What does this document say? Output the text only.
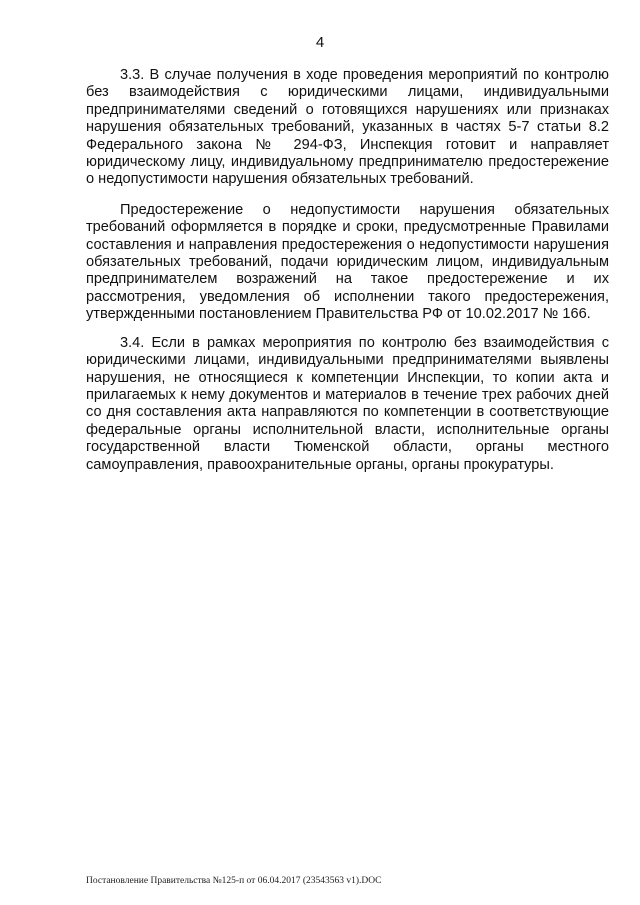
4

3.3. В случае получения в ходе проведения мероприятий по контролю без взаимодействия с юридическими лицами, индивидуальными предпринимателями сведений о готовящихся нарушениях или признаках нарушения обязательных требований, указанных в частях 5-7 статьи 8.2 Федерального закона № 294-ФЗ, Инспекция готовит и направляет юридическому лицу, индивидуальному предпринимателю предостережение о недопустимости нарушения обязательных требований.

Предостережение о недопустимости нарушения обязательных требований оформляется в порядке и сроки, предусмотренные Правилами составления и направления предостережения о недопустимости нарушения обязательных требований, подачи юридическим лицом, индивидуальным предпринимателем возражений на такое предостережение и их рассмотрения, уведомления об исполнении такого предостережения, утвержденными постановлением Правительства РФ от 10.02.2017 № 166.

3.4. Если в рамках мероприятия по контролю без взаимодействия с юридическими лицами, индивидуальными предпринимателями выявлены нарушения, не относящиеся к компетенции Инспекции, то копии акта и прилагаемых к нему документов и материалов в течение трех рабочих дней со дня составления акта направляются по компетенции в соответствующие федеральные органы исполнительной власти, исполнительные органы государственной власти Тюменской области, органы местного самоуправления, правоохранительные органы, органы прокуратуры.

Постановление Правительства №125-п от 06.04.2017 (23543563 v1).DOC
